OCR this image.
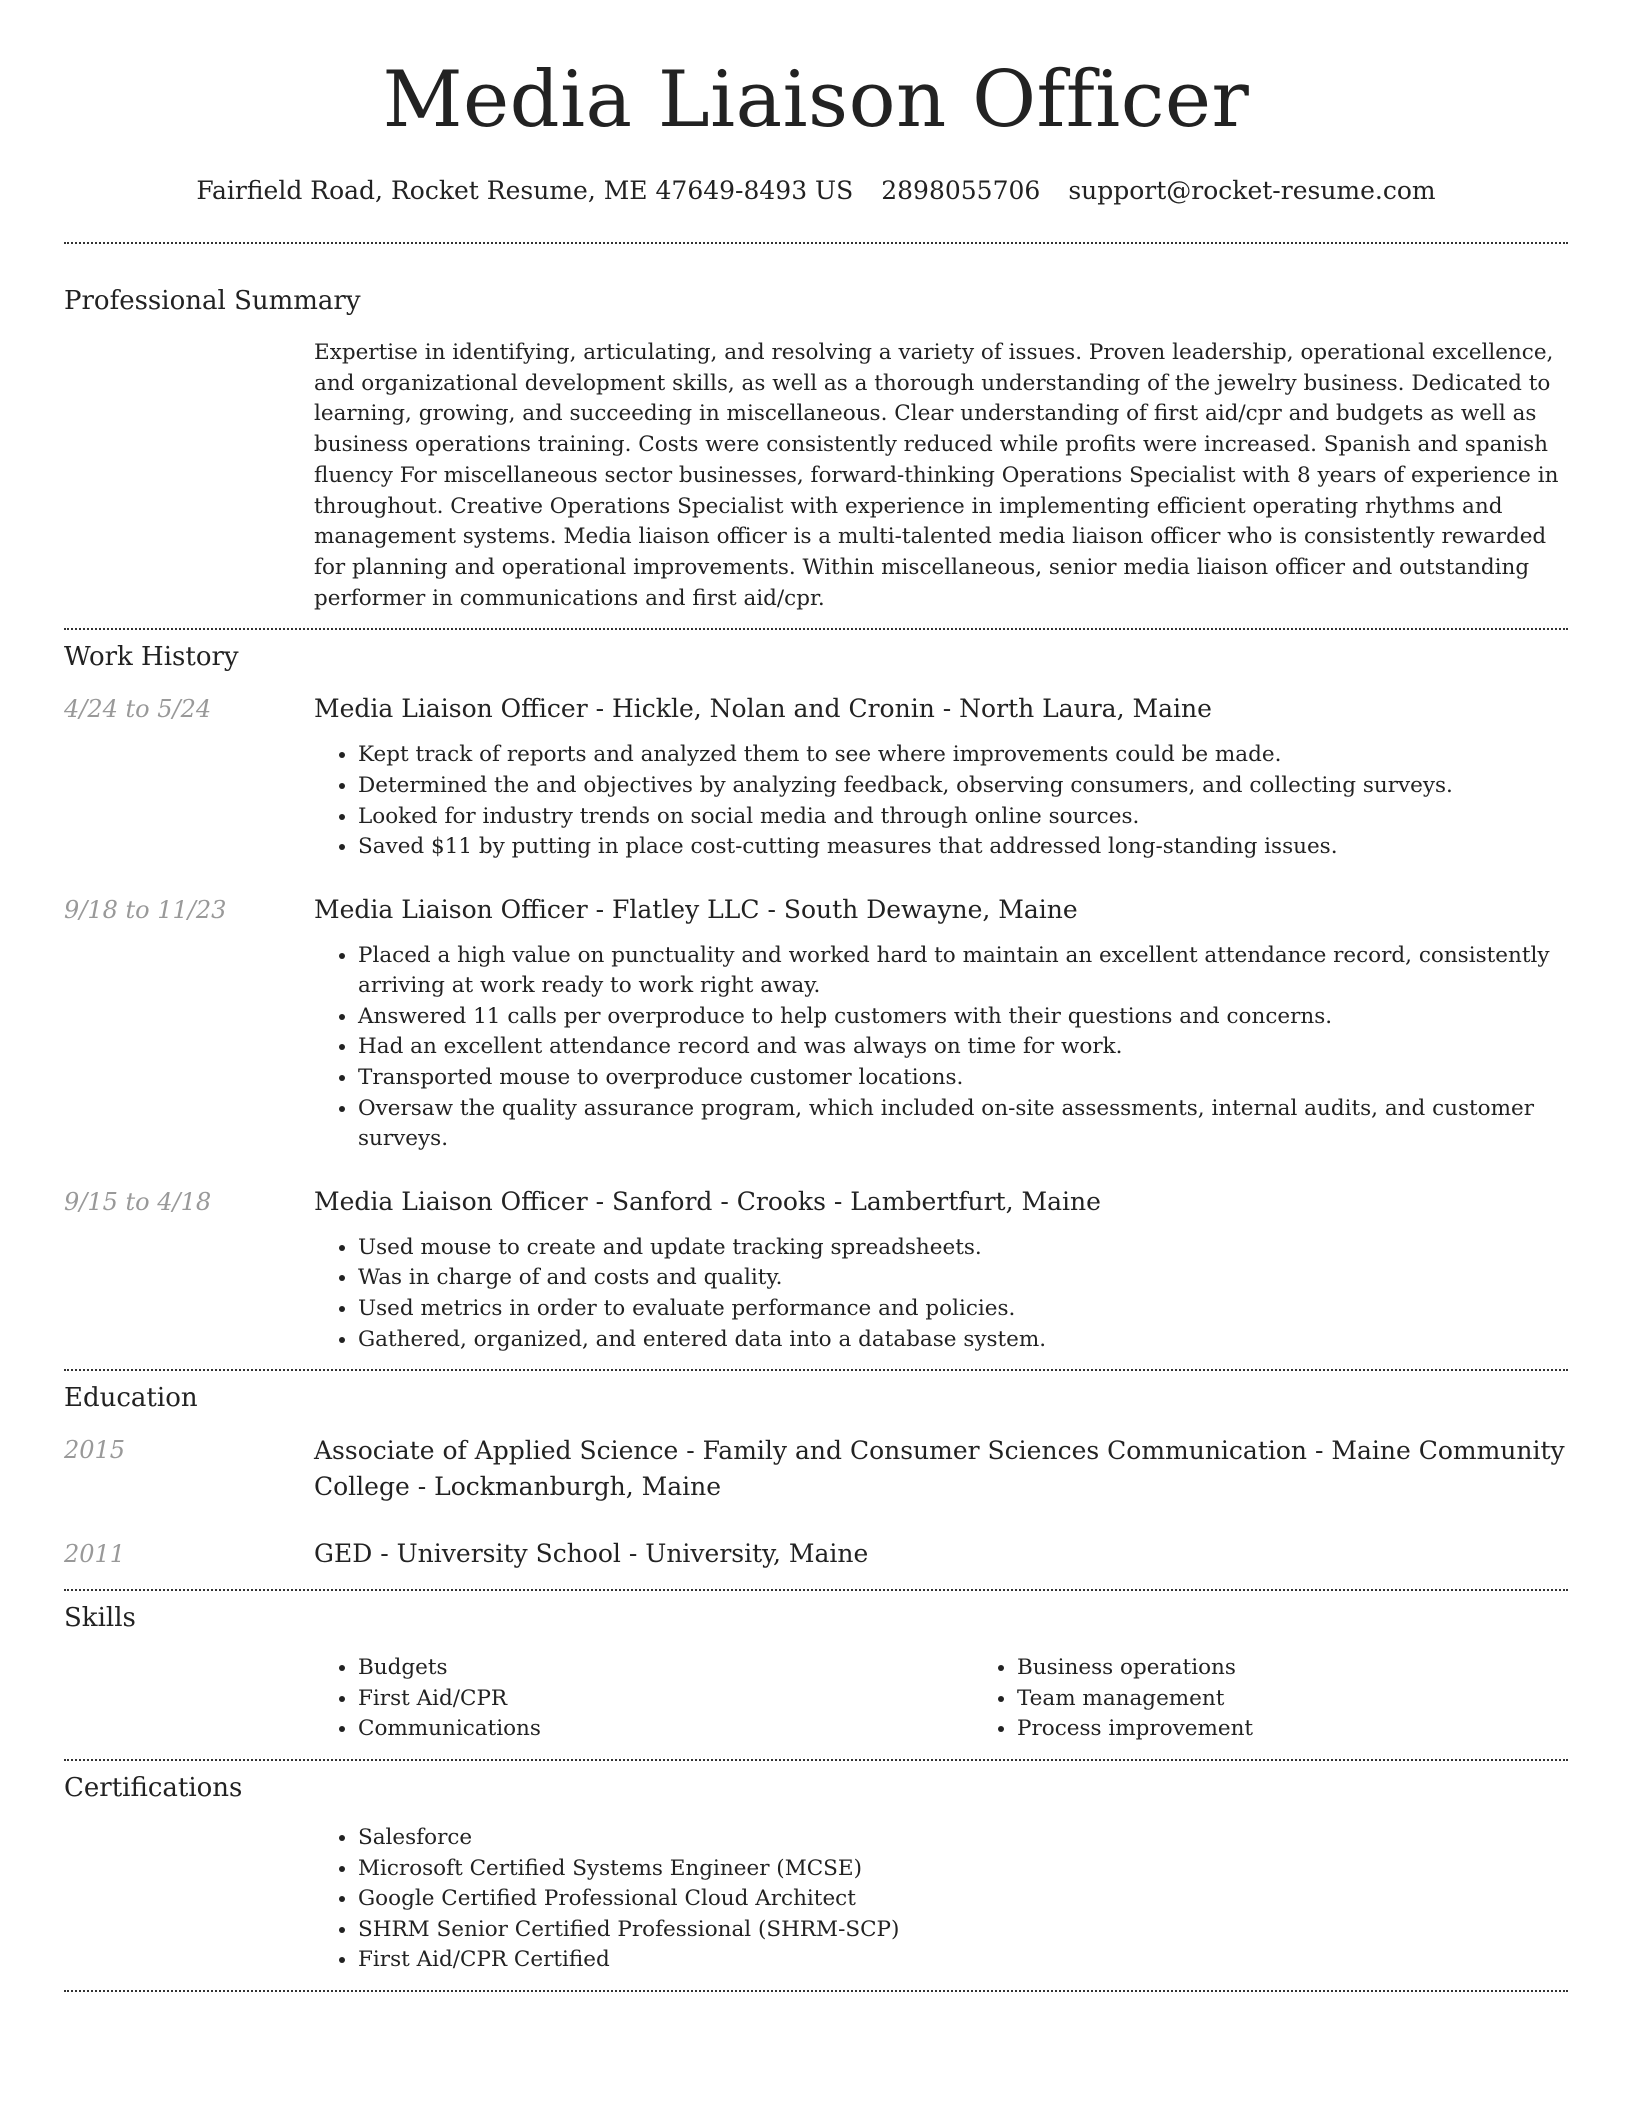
Media Liaison Officer
Fairfield Road, Rocket Resume, ME 47649-8493 US 2898055706 support@rocket-resume.com
Professional Summary

Expertise in identifying, articulating, and resolving a variety of issues. Proven leadership, operational excellence, and organizational development skills, as well as a thorough understanding of the jewelry business. Dedicated to learning, growing, and succeeding in miscellaneous. Clear understanding of first aid/cpr and budgets as well as business operations training. Costs were consistently reduced while profits were increased. Spanish and spanish fluency For miscellaneous sector businesses, forward-thinking Operations Specialist with 8 years of experience in throughout. Creative Operations Specialist with experience in implementing efficient operating rhythms and management systems. Media liaison officer is a multi-talented media liaison officer who is consistently rewarded for planning and operational improvements. Within miscellaneous, senior media liaison officer and outstanding performer in communications and first aid/cpr.

Work History
4/24 to 5/24	Media Liaison Officer - Hickle, Nolan and Cronin - North Laura, Maine
• Kept track of reports and analyzed them to see where improvements could be made.
• Determined the and objectives by analyzing feedback, observing consumers, and collecting surveys.
• Looked for industry trends on social media and through online sources.
• Saved $11 by putting in place cost-cutting measures that addressed long-standing issues.
9/18 to 11/23	Media Liaison Officer - Flatley LLC - South Dewayne, Maine
• Placed a high value on punctuality and worked hard to maintain an excellent attendance record, consistently arriving at work ready to work right away.
• Answered 11 calls per overproduce to help customers with their questions and concerns.
• Had an excellent attendance record and was always on time for work.
• Transported mouse to overproduce customer locations.
• Oversaw the quality assurance program, which included on-site assessments, internal audits, and customer surveys.
9/15 to 4/18	Media Liaison Officer - Sanford - Crooks - Lambertfurt, Maine
• Used mouse to create and update tracking spreadsheets.
• Was in charge of and costs and quality.
• Used metrics in order to evaluate performance and policies.
• Gathered, organized, and entered data into a database system.
Education
2015	Associate of Applied Science - Family and Consumer Sciences Communication - Maine Community College - Lockmanburgh, Maine
2011	GED - University School - University, Maine
Skills
• Budgets
• First Aid/CPR
• Communications
• Business operations
• Team management
• Process improvement
Certifications
• Salesforce
• Microsoft Certified Systems Engineer (MCSE)
• Google Certified Professional Cloud Architect
• SHRM Senior Certified Professional (SHRM-SCP)
• First Aid/CPR Certified
